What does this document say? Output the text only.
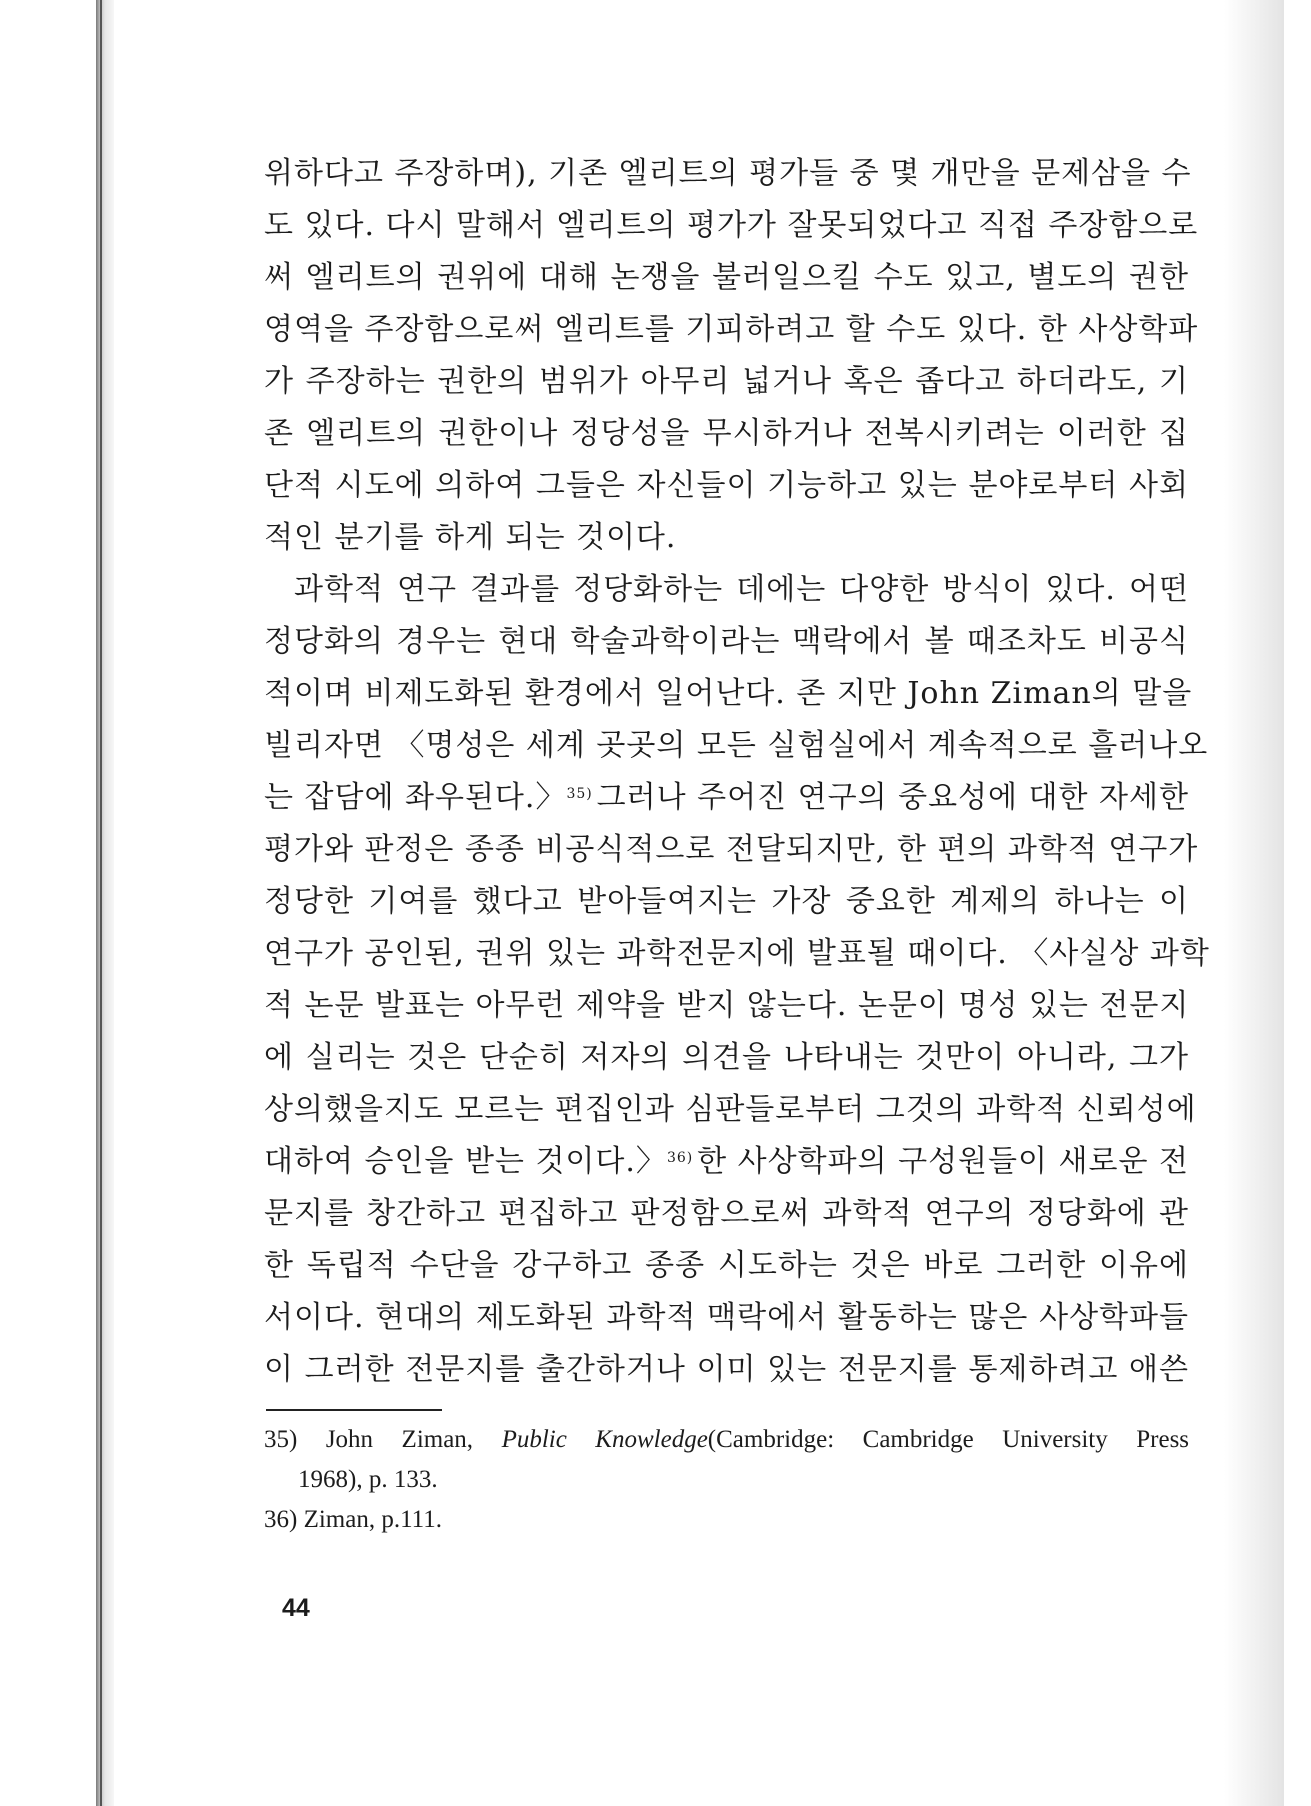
위하다고 주장하며), 기존 엘리트의 평가들 중 몇 개만을 문제삼을 수
도 있다. 다시 말해서 엘리트의 평가가 잘못되었다고 직접 주장함으로
써 엘리트의 권위에 대해 논쟁을 불러일으킬 수도 있고, 별도의 권한
영역을 주장함으로써 엘리트를 기피하려고 할 수도 있다. 한 사상학파
가 주장하는 권한의 범위가 아무리 넓거나 혹은 좁다고 하더라도, 기
존 엘리트의 권한이나 정당성을 무시하거나 전복시키려는 이러한 집
단적 시도에 의하여 그들은 자신들이 기능하고 있는 분야로부터 사회
적인 분기를 하게 되는 것이다.
과학적 연구 결과를 정당화하는 데에는 다양한 방식이 있다. 어떤
정당화의 경우는 현대 학술과학이라는 맥락에서 볼 때조차도 비공식
적이며 비제도화된 환경에서 일어난다. 존 지만 John Ziman의 말을
빌리자면 〈명성은 세계 곳곳의 모든 실험실에서 계속적으로 흘러나오
는 잡담에 좌우된다.〉$^{35)}$ 그러나 주어진 연구의 중요성에 대한 자세한
평가와 판정은 종종 비공식적으로 전달되지만, 한 편의 과학적 연구가
정당한 기여를 했다고 받아들여지는 가장 중요한 계제의 하나는 이
연구가 공인된, 권위 있는 과학전문지에 발표될 때이다. 〈사실상 과학
적 논문 발표는 아무런 제약을 받지 않는다. 논문이 명성 있는 전문지
에 실리는 것은 단순히 저자의 의견을 나타내는 것만이 아니라, 그가
상의했을지도 모르는 편집인과 심판들로부터 그것의 과학적 신뢰성에
대하여 승인을 받는 것이다.〉$^{36)}$ 한 사상학파의 구성원들이 새로운 전
문지를 창간하고 편집하고 판정함으로써 과학적 연구의 정당화에 관
한 독립적 수단을 강구하고 종종 시도하는 것은 바로 그러한 이유에
서이다. 현대의 제도화된 과학적 맥락에서 활동하는 많은 사상학파들
이 그러한 전문지를 출간하거나 이미 있는 전문지를 통제하려고 애쓴
35) John Ziman, Public Knowledge(Cambridge: Cambridge University Press
1968), p. 133.
36) Ziman, p.111.
44
